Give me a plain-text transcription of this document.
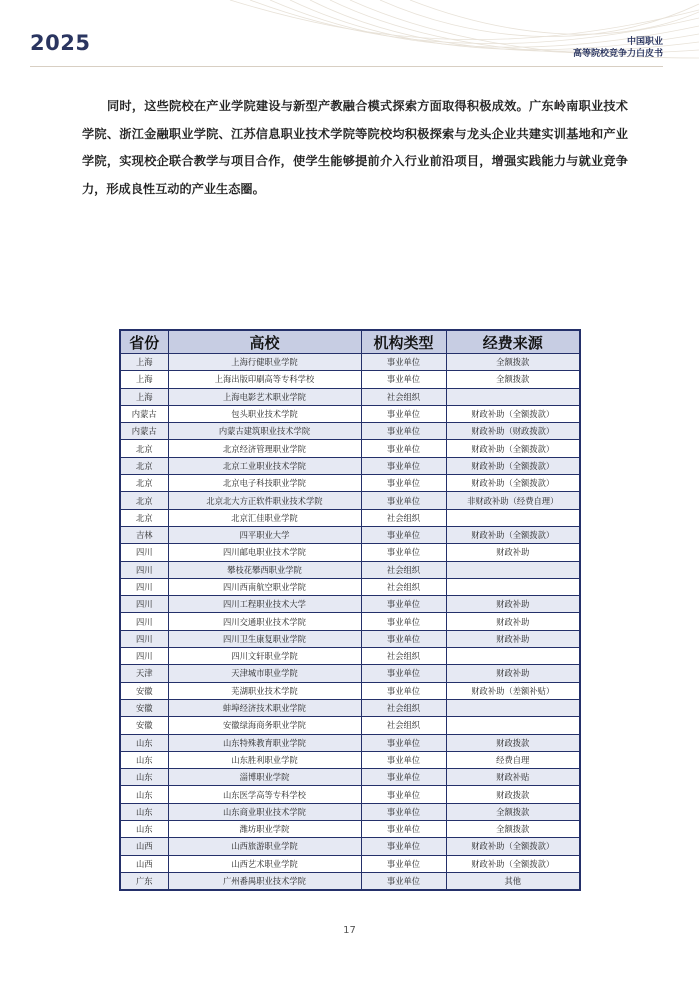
2025	中国职业
高等院校竞争力白皮书
同时，这些院校在产业学院建设与新型产教融合模式探索方面取得积极成效。广东岭南职业技术学院、浙江金融职业学院、江苏信息职业技术学院等院校均积极探索与龙头企业共建实训基地和产业学院，实现校企联合教学与项目合作，使学生能够提前介入行业前沿项目，增强实践能力与就业竞争力，形成良性互动的产业生态圈。
省份	高校	机构类型	经费来源
上海	上海行健职业学院	事业单位	全额拨款
上海	上海出版印刷高等专科学校	事业单位	全额拨款
上海	上海电影艺术职业学院	社会组织	
内蒙古	包头职业技术学院	事业单位	财政补助（全额拨款）
内蒙古	内蒙古建筑职业技术学院	事业单位	财政补助（财政拨款）
北京	北京经济管理职业学院	事业单位	财政补助（全额拨款）
北京	北京工业职业技术学院	事业单位	财政补助（全额拨款）
北京	北京电子科技职业学院	事业单位	财政补助（全额拨款）
北京	北京北大方正软件职业技术学院	事业单位	非财政补助（经费自理）
北京	北京汇佳职业学院	社会组织	
吉林	四平职业大学	事业单位	财政补助（全额拨款）
四川	四川邮电职业技术学院	事业单位	财政补助
四川	攀枝花攀西职业学院	社会组织	
四川	四川西南航空职业学院	社会组织	
四川	四川工程职业技术大学	事业单位	财政补助
四川	四川交通职业技术学院	事业单位	财政补助
四川	四川卫生康复职业学院	事业单位	财政补助
四川	四川文轩职业学院	社会组织	
天津	天津城市职业学院	事业单位	财政补助
安徽	芜湖职业技术学院	事业单位	财政补助（差额补贴）
安徽	蚌埠经济技术职业学院	社会组织	
安徽	安徽绿海商务职业学院	社会组织	
山东	山东特殊教育职业学院	事业单位	财政拨款
山东	山东胜利职业学院	事业单位	经费自理
山东	淄博职业学院	事业单位	财政补贴
山东	山东医学高等专科学校	事业单位	财政拨款
山东	山东商业职业技术学院	事业单位	全额拨款
山东	潍坊职业学院	事业单位	全额拨款
山西	山西旅游职业学院	事业单位	财政补助（全额拨款）
山西	山西艺术职业学院	事业单位	财政补助（全额拨款）
广东	广州番禺职业技术学院	事业单位	其他
17
